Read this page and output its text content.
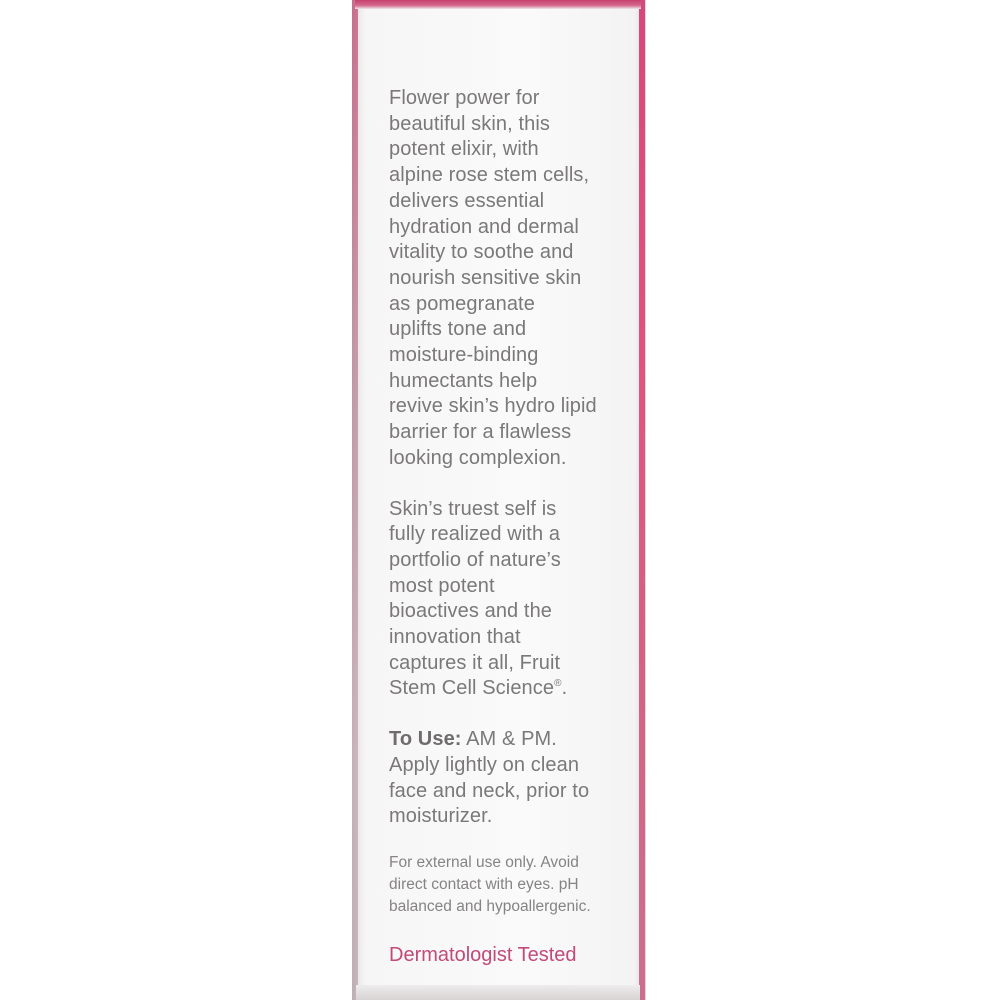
Flower power for
beautiful skin, this
potent elixir, with
alpine rose stem cells,
delivers essential
hydration and dermal
vitality to soothe and
nourish sensitive skin
as pomegranate
uplifts tone and
moisture-binding
humectants help
revive skin’s hydro lipid
barrier for a flawless
looking complexion.

Skin’s truest self is
fully realized with a
portfolio of nature’s
most potent
bioactives and the
innovation that
captures it all, Fruit
Stem Cell Science®.

To Use: AM & PM.
Apply lightly on clean
face and neck, prior to
moisturizer.

For external use only. Avoid
direct contact with eyes. pH
balanced and hypoallergenic.

Dermatologist Tested
